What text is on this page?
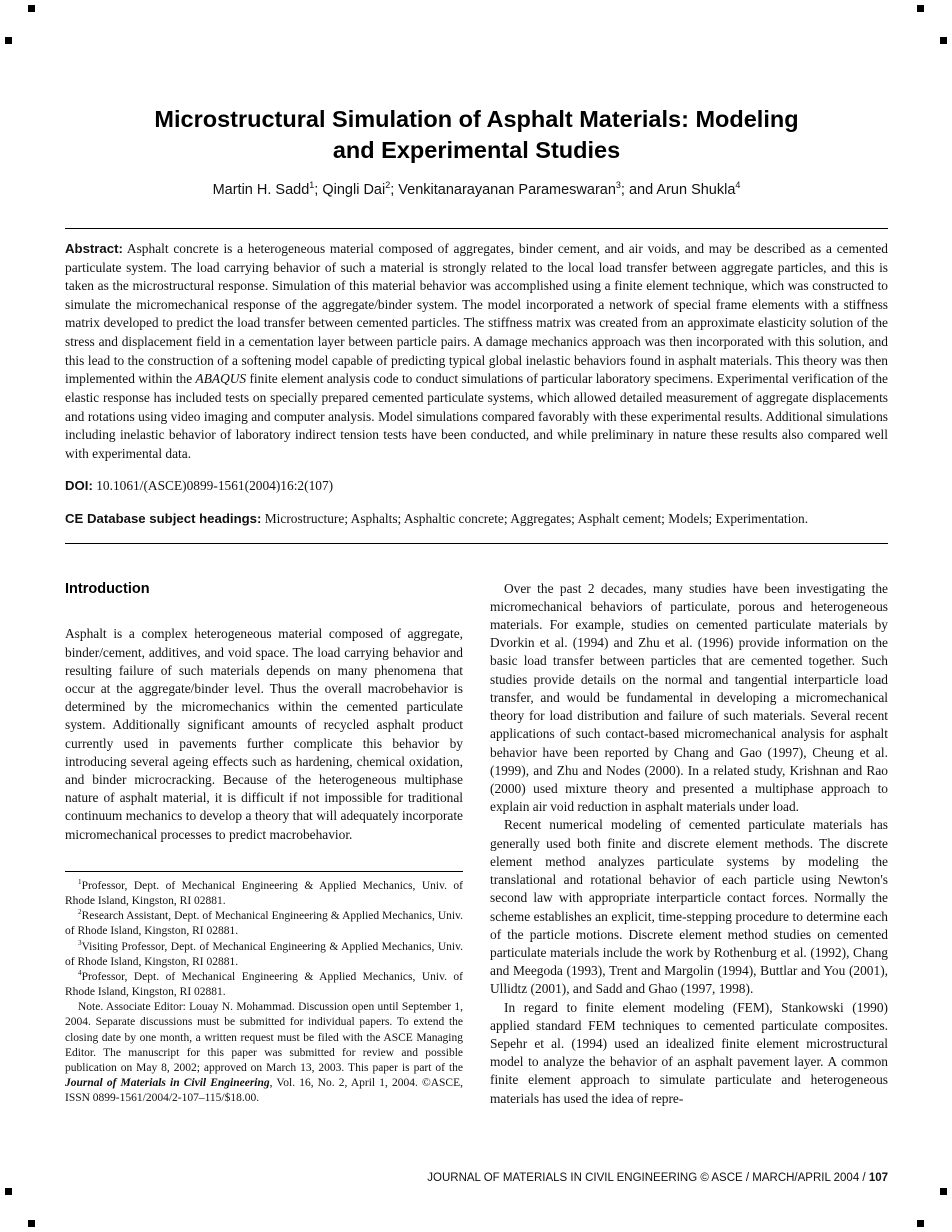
Microstructural Simulation of Asphalt Materials: Modeling
and Experimental Studies
Martin H. Sadd$^1$; Qingli Dai$^2$; Venkitanarayanan Parameswaran$^3$; and Arun Shukla$^4$

Abstract: Asphalt concrete is a heterogeneous material composed of aggregates, binder cement, and air voids, and may be described as a cemented particulate system. The load carrying behavior of such a material is strongly related to the local load transfer between aggregate particles, and this is taken as the microstructural response. Simulation of this material behavior was accomplished using a finite element technique, which was constructed to simulate the micromechanical response of the aggregate/binder system. The model incorporated a network of special frame elements with a stiffness matrix developed to predict the load transfer between cemented particles. The stiffness matrix was created from an approximate elasticity solution of the stress and displacement field in a cementation layer between particle pairs. A damage mechanics approach was then incorporated with this solution, and this lead to the construction of a softening model capable of predicting typical global inelastic behaviors found in asphalt materials. This theory was then implemented within the ABAQUS finite element analysis code to conduct simulations of particular laboratory specimens. Experimental verification of the elastic response has included tests on specially prepared cemented particulate systems, which allowed detailed measurement of aggregate displacements and rotations using video imaging and computer analysis. Model simulations compared favorably with these experimental results. Additional simulations including inelastic behavior of laboratory indirect tension tests have been conducted, and while preliminary in nature these results also compared well with experimental data.

DOI: 10.1061/(ASCE)0899-1561(2004)16:2(107)

CE Database subject headings: Microstructure; Asphalts; Asphaltic concrete; Aggregates; Asphalt cement; Models; Experimentation.

Introduction

Asphalt is a complex heterogeneous material composed of aggregate, binder/cement, additives, and void space. The load carrying behavior and resulting failure of such materials depends on many phenomena that occur at the aggregate/binder level. Thus the overall macrobehavior is determined by the micromechanics within the cemented particulate system. Additionally significant amounts of recycled asphalt product currently used in pavements further complicate this behavior by introducing several ageing effects such as hardening, chemical oxidation, and binder microcracking. Because of the heterogeneous multiphase nature of asphalt material, it is difficult if not impossible for traditional continuum mechanics to develop a theory that will adequately incorporate micromechanical processes to predict macrobehavior.

$^1$Professor, Dept. of Mechanical Engineering & Applied Mechanics, Univ. of Rhode Island, Kingston, RI 02881.

$^2$Research Assistant, Dept. of Mechanical Engineering & Applied Mechanics, Univ. of Rhode Island, Kingston, RI 02881.

$^3$Visiting Professor, Dept. of Mechanical Engineering & Applied Mechanics, Univ. of Rhode Island, Kingston, RI 02881.

$^4$Professor, Dept. of Mechanical Engineering & Applied Mechanics, Univ. of Rhode Island, Kingston, RI 02881.

Note. Associate Editor: Louay N. Mohammad. Discussion open until September 1, 2004. Separate discussions must be submitted for individual papers. To extend the closing date by one month, a written request must be filed with the ASCE Managing Editor. The manuscript for this paper was submitted for review and possible publication on May 8, 2002; approved on March 13, 2003. This paper is part of the Journal of Materials in Civil Engineering, Vol. 16, No. 2, April 1, 2004. ©ASCE, ISSN 0899-1561/2004/2-107–115/$18.00.

Over the past 2 decades, many studies have been investigating the micromechanical behaviors of particulate, porous and heterogeneous materials. For example, studies on cemented particulate materials by Dvorkin et al. (1994) and Zhu et al. (1996) provide information on the basic load transfer between particles that are cemented together. Such studies provide details on the normal and tangential interparticle load transfer, and would be fundamental in developing a micromechanical theory for load distribution and failure of such materials. Several recent applications of such contact-based micromechanical analysis for asphalt behavior have been reported by Chang and Gao (1997), Cheung et al. (1999), and Zhu and Nodes (2000). In a related study, Krishnan and Rao (2000) used mixture theory and presented a multiphase approach to explain air void reduction in asphalt materials under load.

Recent numerical modeling of cemented particulate materials has generally used both finite and discrete element methods. The discrete element method analyzes particulate systems by modeling the translational and rotational behavior of each particle using Newton's second law with appropriate interparticle contact forces. Normally the scheme establishes an explicit, time-stepping procedure to determine each of the particle motions. Discrete element method studies on cemented particulate materials include the work by Rothenburg et al. (1992), Chang and Meegoda (1993), Trent and Margolin (1994), Buttlar and You (2001), Ullidtz (2001), and Sadd and Ghao (1997, 1998).

In regard to finite element modeling (FEM), Stankowski (1990) applied standard FEM techniques to cemented particulate composites. Sepehr et al. (1994) used an idealized finite element microstructural model to analyze the behavior of an asphalt pavement layer. A common finite element approach to simulate particulate and heterogeneous materials has used the idea of repre-

JOURNAL OF MATERIALS IN CIVIL ENGINEERING © ASCE / MARCH/APRIL 2004 / 107
